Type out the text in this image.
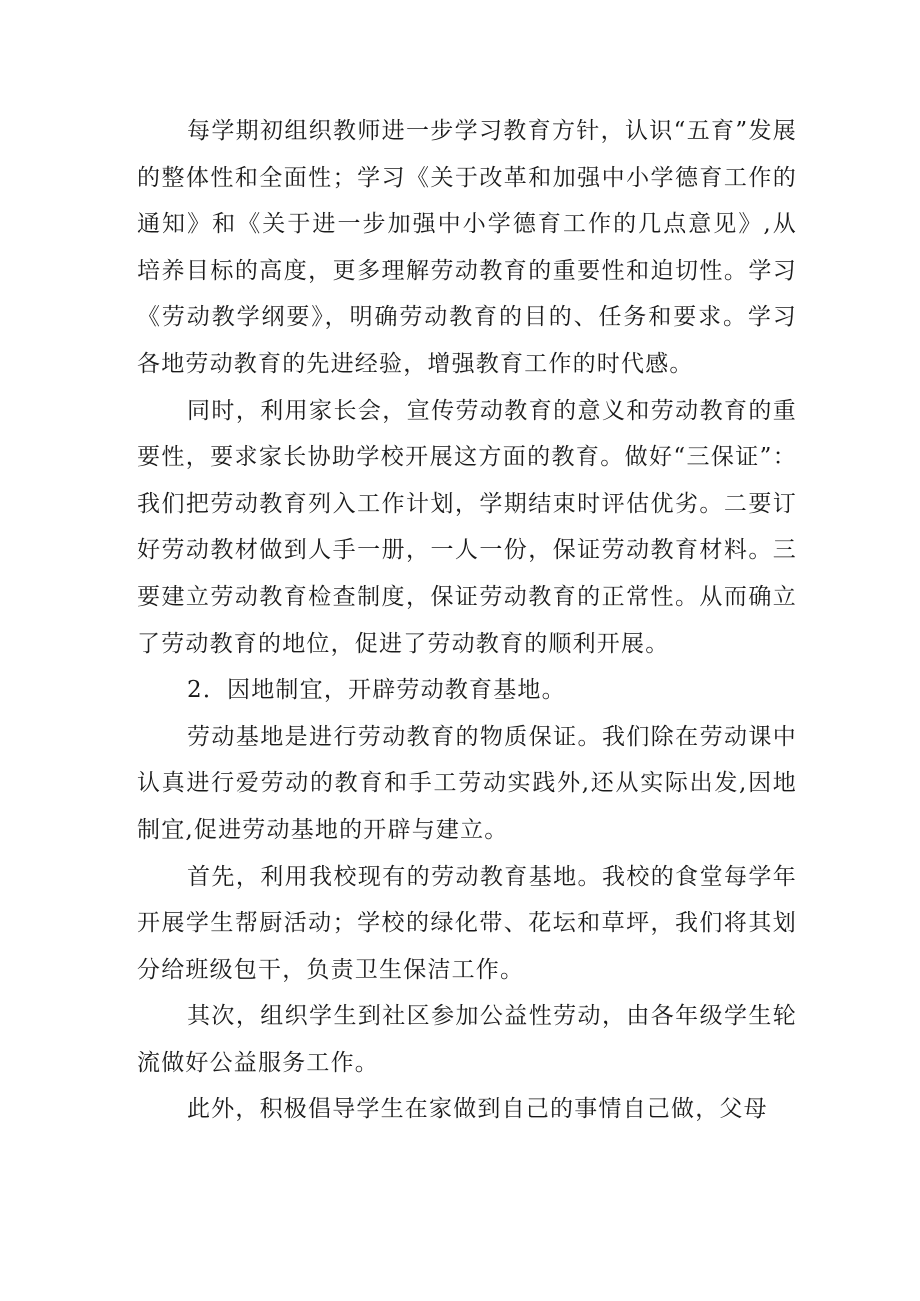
每学期初组织教师进一步学习教育方针，认识“五育”发展的整体性和全面性；学习《关于改革和加强中小学德育工作的通知》和《关于进一步加强中小学德育工作的几点意见》,从培养目标的高度，更多理解劳动教育的重要性和迫切性。学习《劳动教学纲要》，明确劳动教育的目的、任务和要求。学习各地劳动教育的先进经验，增强教育工作的时代感。

同时，利用家长会，宣传劳动教育的意义和劳动教育的重要性，要求家长协助学校开展这方面的教育。做好“三保证”：我们把劳动教育列入工作计划，学期结束时评估优劣。二要订好劳动教材做到人手一册，一人一份，保证劳动教育材料。三要建立劳动教育检查制度，保证劳动教育的正常性。从而确立了劳动教育的地位，促进了劳动教育的顺利开展。

2．因地制宜，开辟劳动教育基地。

劳动基地是进行劳动教育的物质保证。我们除在劳动课中认真进行爱劳动的教育和手工劳动实践外,还从实际出发,因地制宜,促进劳动基地的开辟与建立。

首先，利用我校现有的劳动教育基地。我校的食堂每学年开展学生帮厨活动；学校的绿化带、花坛和草坪，我们将其划分给班级包干，负责卫生保洁工作。

其次，组织学生到社区参加公益性劳动，由各年级学生轮流做好公益服务工作。

此外，积极倡导学生在家做到自己的事情自己做，父母
